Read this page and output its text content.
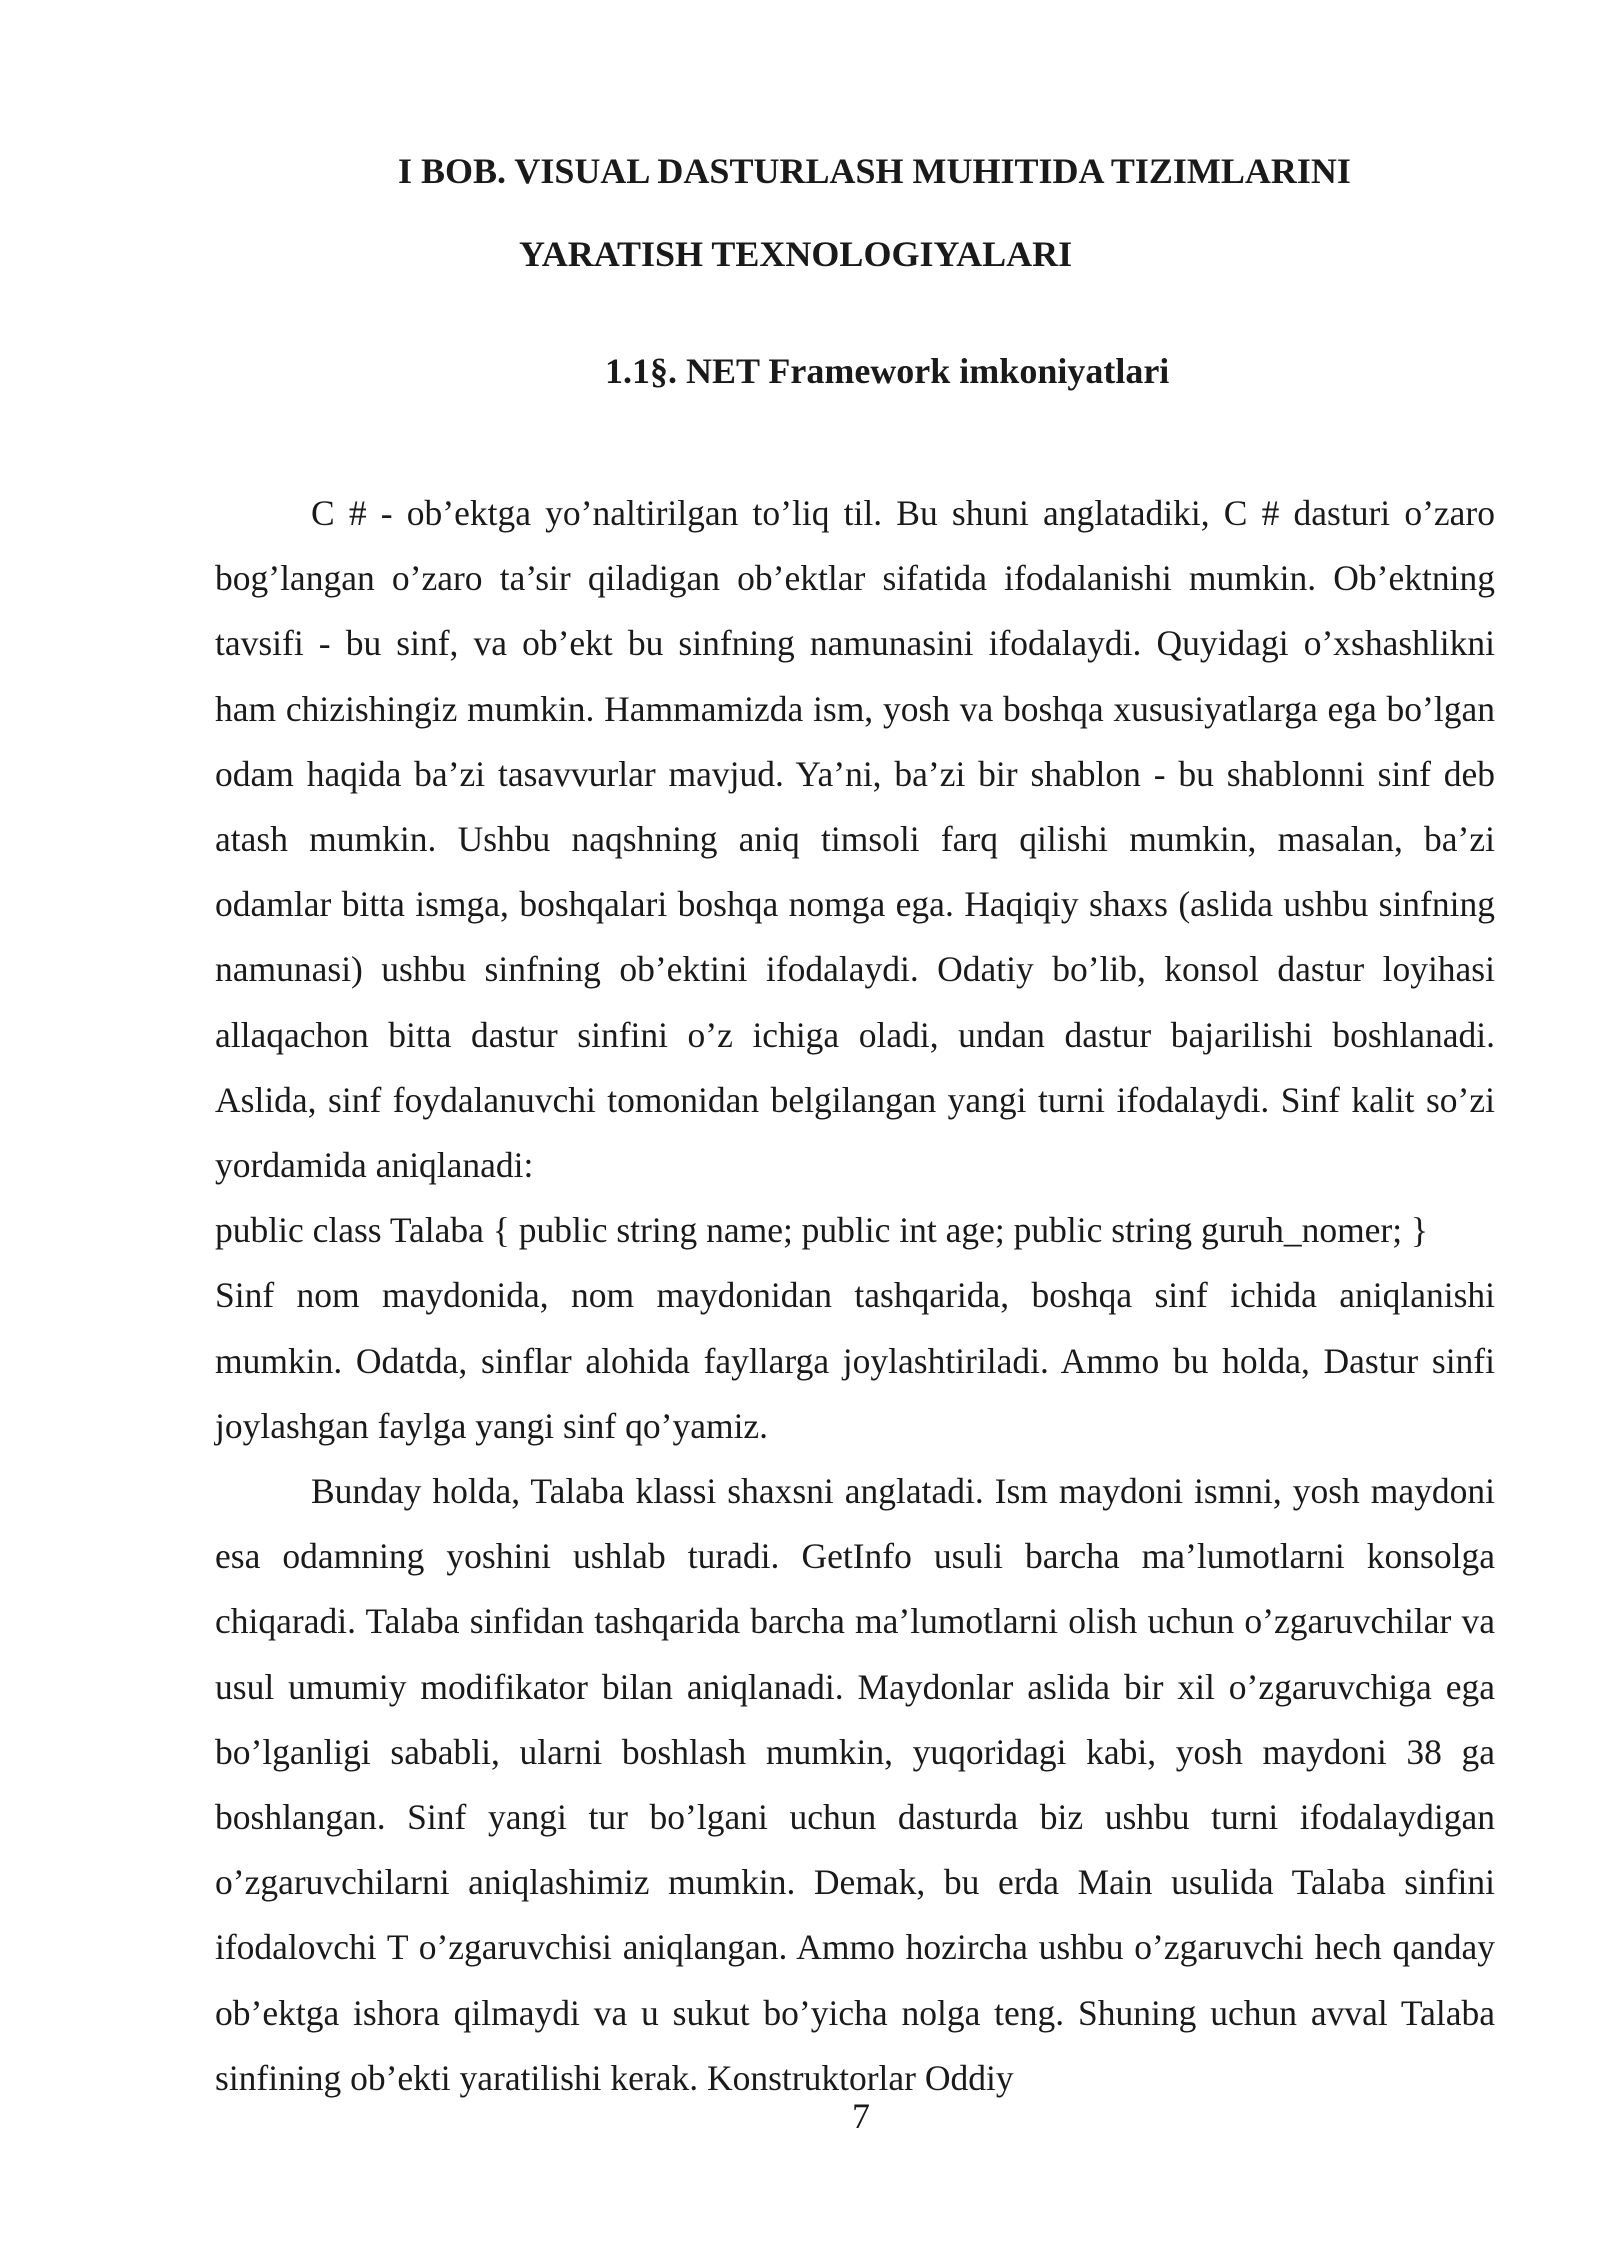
I BOB. VISUAL DASTURLASH MUHITIDA TIZIMLARINI
YARATISH TEXNOLOGIYALARI
1.1§. NET Framework imkoniyatlari

C # - ob’ektga yo’naltirilgan to’liq til. Bu shuni anglatadiki, C # dasturi o’zaro bog’langan o’zaro ta’sir qiladigan ob’ektlar sifatida ifodalanishi mumkin. Ob’ektning tavsifi - bu sinf, va ob’ekt bu sinfning namunasini ifodalaydi. Quyidagi o’xshashlikni ham chizishingiz mumkin. Hammamizda ism, yosh va boshqa xususiyatlarga ega bo’lgan odam haqida ba’zi tasavvurlar mavjud. Ya’ni, ba’zi bir shablon - bu shablonni sinf deb atash mumkin. Ushbu naqshning aniq timsoli farq qilishi mumkin, masalan, ba’zi odamlar bitta ismga, boshqalari boshqa nomga ega. Haqiqiy shaxs (aslida ushbu sinfning namunasi) ushbu sinfning ob’ektini ifodalaydi. Odatiy bo’lib, konsol dastur loyihasi allaqachon bitta dastur sinfini o’z ichiga oladi, undan dastur bajarilishi boshlanadi. Aslida, sinf foydalanuvchi tomonidan belgilangan yangi turni ifodalaydi. Sinf kalit so’zi yordamida aniqlanadi:

public class Talaba { public string name; public int age; public string guruh_nomer; }

Sinf nom maydonida, nom maydonidan tashqarida, boshqa sinf ichida aniqlanishi mumkin. Odatda, sinflar alohida fayllarga joylashtiriladi. Ammo bu holda, Dastur sinfi joylashgan faylga yangi sinf qo’yamiz.

Bunday holda, Talaba klassi shaxsni anglatadi. Ism maydoni ismni, yosh maydoni esa odamning yoshini ushlab turadi. GetInfo usuli barcha ma’lumotlarni konsolga chiqaradi. Talaba sinfidan tashqarida barcha ma’lumotlarni olish uchun o’zgaruvchilar va usul umumiy modifikator bilan aniqlanadi. Maydonlar aslida bir xil o’zgaruvchiga ega bo’lganligi sababli, ularni boshlash mumkin, yuqoridagi kabi, yosh maydoni 38 ga boshlangan. Sinf yangi tur bo’lgani uchun dasturda biz ushbu turni ifodalaydigan o’zgaruvchilarni aniqlashimiz mumkin. Demak, bu erda Main usulida Talaba sinfini ifodalovchi T o’zgaruvchisi aniqlangan. Ammo hozircha ushbu o’zgaruvchi hech qanday ob’ektga ishora qilmaydi va u sukut bo’yicha nolga teng. Shuning uchun avval Talaba sinfining ob’ekti yaratilishi kerak. Konstruktorlar Oddiy

7
